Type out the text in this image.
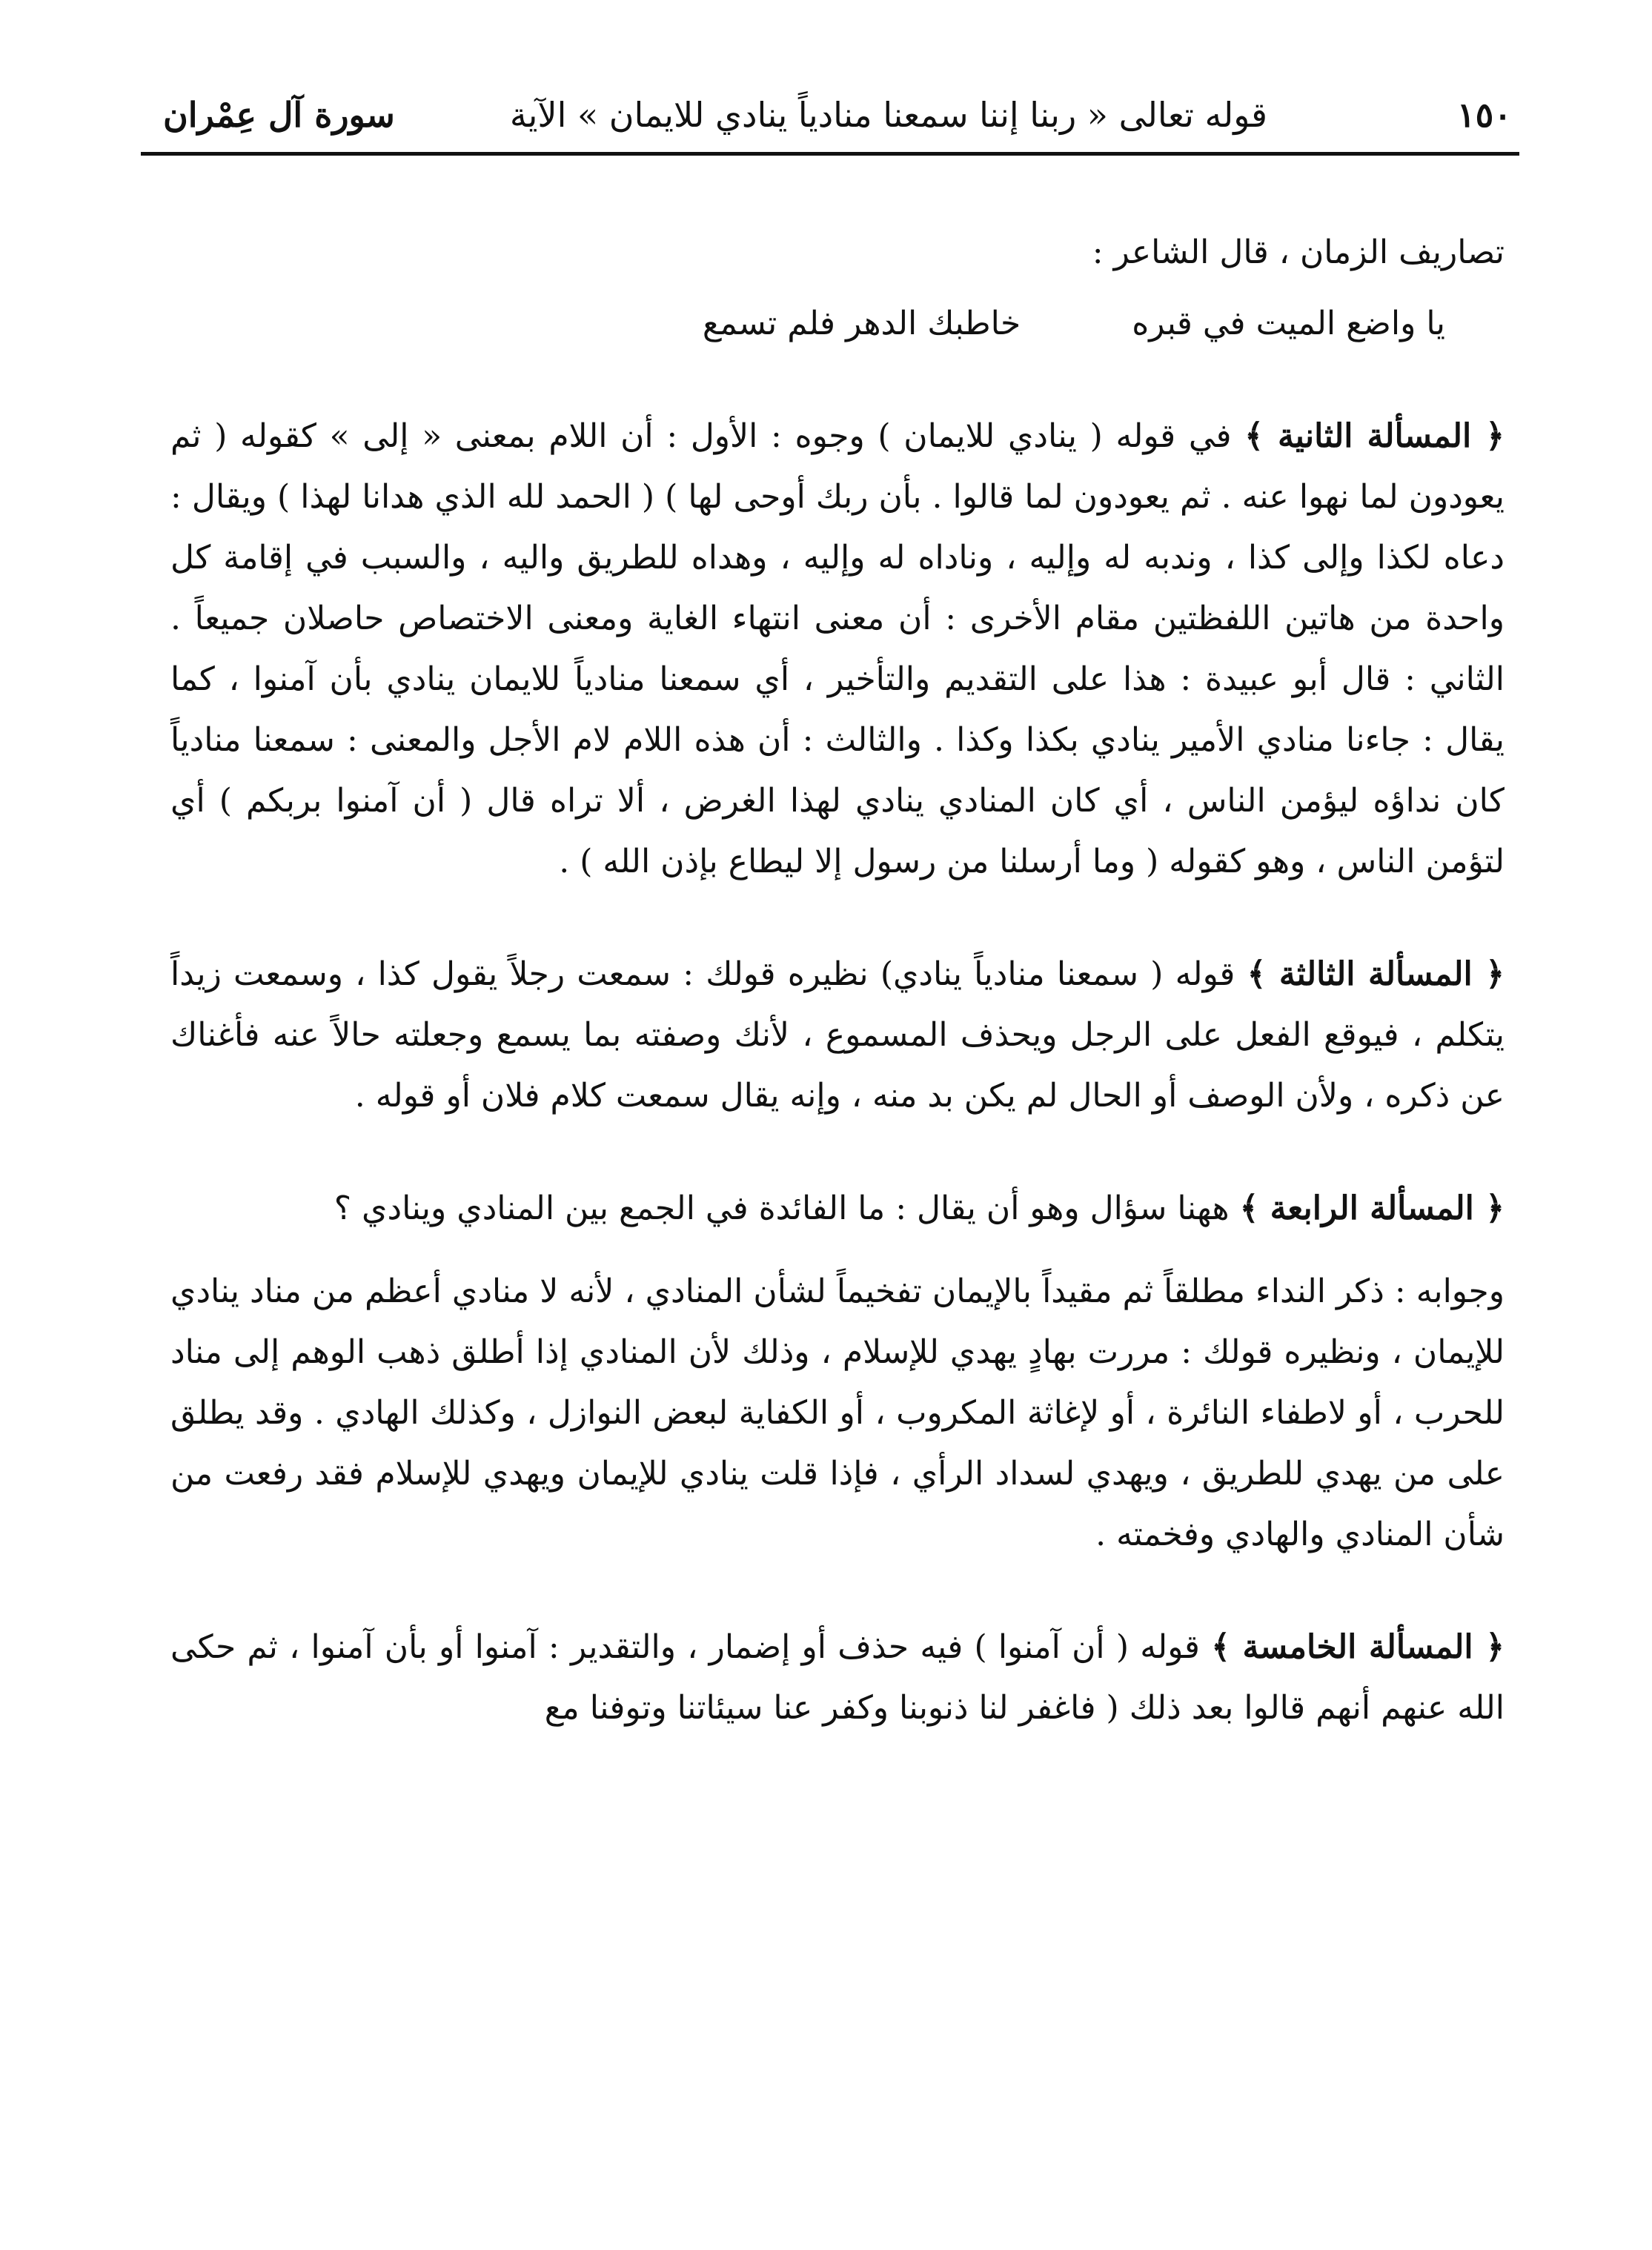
١٥٠
قوله تعالى « ربنا إننا سمعنا منادياً ينادي للايمان » الآية
سورة آل عِمْران

تصاريف الزمان ، قال الشاعر :

يا واضع الميت في قبره
خاطبك الدهر فلم تسمع

﴿ المسألة الثانية ﴾ في قوله ( ينادي للايمان ) وجوه : الأول : أن اللام بمعنى « إلى » كقوله ( ثم يعودون لما نهوا عنه . ثم يعودون لما قالوا . بأن ربك أوحى لها ) ( الحمد لله الذي هدانا لهذا ) ويقال : دعاه لكذا وإلى كذا ، وندبه له وإليه ، وناداه له وإليه ، وهداه للطريق واليه ، والسبب في إقامة كل واحدة من هاتين اللفظتين مقام الأخرى : أن معنى انتهاء الغاية ومعنى الاختصاص حاصلان جميعاً . الثاني : قال أبو عبيدة : هذا على التقديم والتأخير ، أي سمعنا منادياً للايمان ينادي بأن آمنوا ، كما يقال : جاءنا منادي الأمير ينادي بكذا وكذا . والثالث : أن هذه اللام لام الأجل والمعنى : سمعنا منادياً كان نداؤه ليؤمن الناس ، أي كان المنادي ينادي لهذا الغرض ، ألا تراه قال ( أن آمنوا بربكم ) أي لتؤمن الناس ، وهو كقوله ( وما أرسلنا من رسول إلا ليطاع بإذن الله ) .

﴿ المسألة الثالثة ﴾ قوله ( سمعنا منادياً ينادي) نظيره قولك : سمعت رجلاً يقول كذا ، وسمعت زيداً يتكلم ، فيوقع الفعل على الرجل ويحذف المسموع ، لأنك وصفته بما يسمع وجعلته حالاً عنه فأغناك عن ذكره ، ولأن الوصف أو الحال لم يكن بد منه ، وإنه يقال سمعت كلام فلان أو قوله .

﴿ المسألة الرابعة ﴾ ههنا سؤال وهو أن يقال : ما الفائدة في الجمع بين المنادي وينادي ؟

وجوابه : ذكر النداء مطلقاً ثم مقيداً بالإيمان تفخيماً لشأن المنادي ، لأنه لا منادي أعظم من مناد ينادي للإيمان ، ونظيره قولك : مررت بهادٍ يهدي للإسلام ، وذلك لأن المنادي إذا أطلق ذهب الوهم إلى مناد للحرب ، أو لاطفاء النائرة ، أو لإغاثة المكروب ، أو الكفاية لبعض النوازل ، وكذلك الهادي . وقد يطلق على من يهدي للطريق ، ويهدي لسداد الرأي ، فإذا قلت ينادي للإيمان ويهدي للإسلام فقد رفعت من شأن المنادي والهادي وفخمته .

﴿ المسألة الخامسة ﴾ قوله ( أن آمنوا ) فيه حذف أو إضمار ، والتقدير : آمنوا أو بأن آمنوا ، ثم حكى الله عنهم أنهم قالوا بعد ذلك ( فاغفر لنا ذنوبنا وكفر عنا سيئاتنا وتوفنا مع
